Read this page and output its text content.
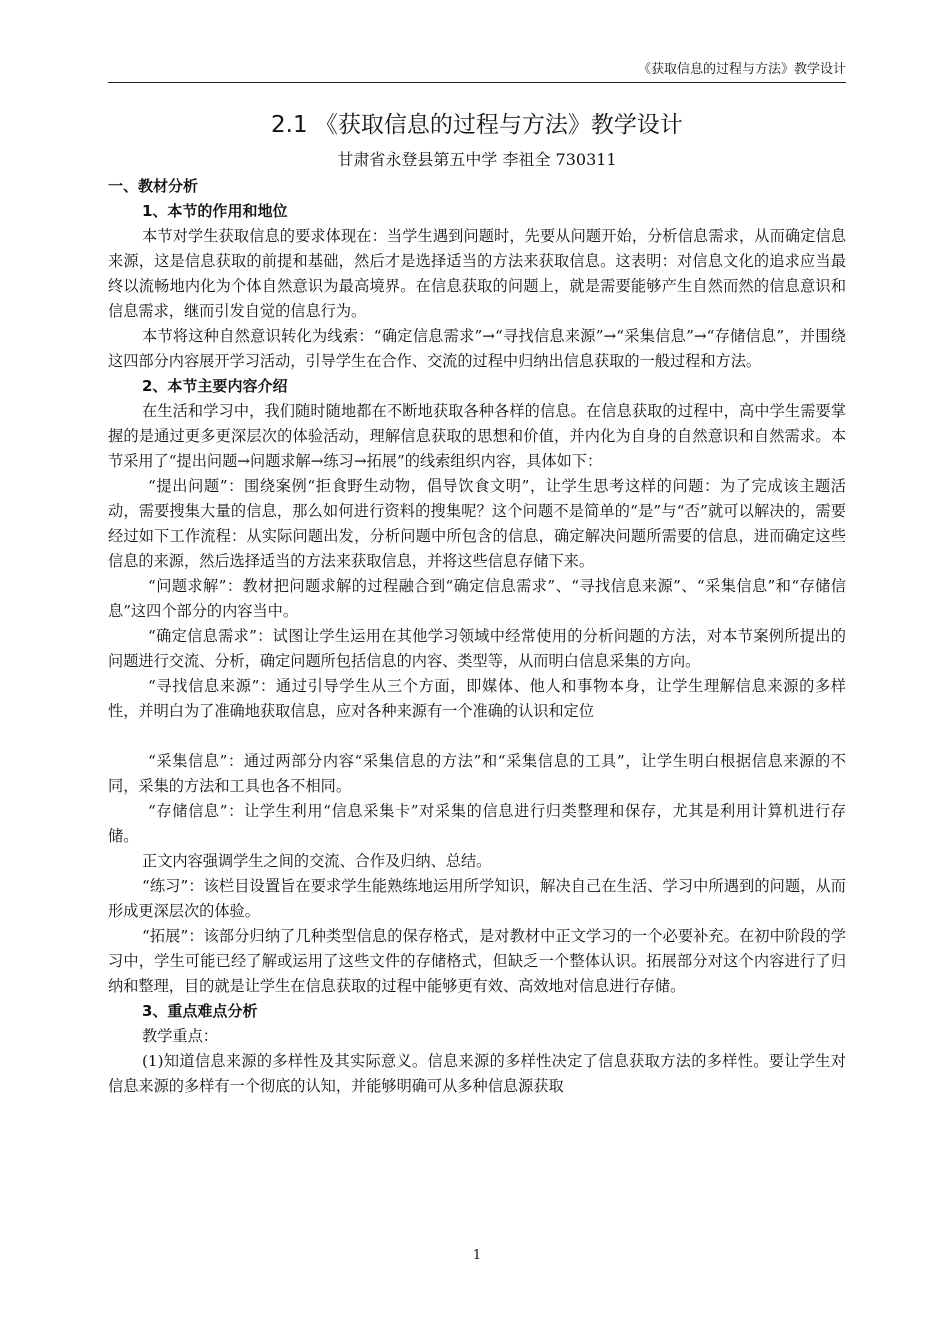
《获取信息的过程与方法》教学设计
2.1 《获取信息的过程与方法》教学设计
甘肃省永登县第五中学 李祖全 730311

一、教材分析

1、本节的作用和地位

本节对学生获取信息的要求体现在：当学生遇到问题时，先要从问题开始，分析信息需求，从而确定信息来源，这是信息获取的前提和基础，然后才是选择适当的方法来获取信息。这表明：对信息文化的追求应当最终以流畅地内化为个体自然意识为最高境界。在信息获取的问题上，就是需要能够产生自然而然的信息意识和信息需求，继而引发自觉的信息行为。

本节将这种自然意识转化为线索：“确定信息需求”→“寻找信息来源”→“采集信息”→“存储信息”，并围绕这四部分内容展开学习活动，引导学生在合作、交流的过程中归纳出信息获取的一般过程和方法。

2、本节主要内容介绍

在生活和学习中，我们随时随地都在不断地获取各种各样的信息。在信息获取的过程中，高中学生需要掌握的是通过更多更深层次的体验活动，理解信息获取的思想和价值，并内化为自身的自然意识和自然需求。本节采用了“提出问题→问题求解→练习→拓展”的线索组织内容，具体如下：

“提出问题”：围绕案例“拒食野生动物，倡导饮食文明”，让学生思考这样的问题：为了完成该主题活动，需要搜集大量的信息，那么如何进行资料的搜集呢？这个问题不是简单的“是”与“否”就可以解决的，需要经过如下工作流程：从实际问题出发，分析问题中所包含的信息，确定解决问题所需要的信息，进而确定这些信息的来源，然后选择适当的方法来获取信息，并将这些信息存储下来。

“问题求解”：教材把问题求解的过程融合到“确定信息需求”、“寻找信息来源”、“采集信息”和“存储信息”这四个部分的内容当中。

“确定信息需求”：试图让学生运用在其他学习领域中经常使用的分析问题的方法，对本节案例所提出的问题进行交流、分析，确定问题所包括信息的内容、类型等，从而明白信息采集的方向。

“寻找信息来源”：通过引导学生从三个方面，即媒体、他人和事物本身，让学生理解信息来源的多样性，并明白为了准确地获取信息，应对各种来源有一个准确的认识和定位

“采集信息”：通过两部分内容“采集信息的方法”和“采集信息的工具”，让学生明白根据信息来源的不同，采集的方法和工具也各不相同。

“存储信息”：让学生利用“信息采集卡”对采集的信息进行归类整理和保存，尤其是利用计算机进行存储。

正文内容强调学生之间的交流、合作及归纳、总结。

“练习”：该栏目设置旨在要求学生能熟练地运用所学知识，解决自己在生活、学习中所遇到的问题，从而形成更深层次的体验。

“拓展”：该部分归纳了几种类型信息的保存格式，是对教材中正文学习的一个必要补充。在初中阶段的学习中，学生可能已经了解或运用了这些文件的存储格式，但缺乏一个整体认识。拓展部分对这个内容进行了归纳和整理，目的就是让学生在信息获取的过程中能够更有效、高效地对信息进行存储。

3、重点难点分析

教学重点：

(1)知道信息来源的多样性及其实际意义。信息来源的多样性决定了信息获取方法的多样性。要让学生对信息来源的多样有一个彻底的认知，并能够明确可从多种信息源获取

1
